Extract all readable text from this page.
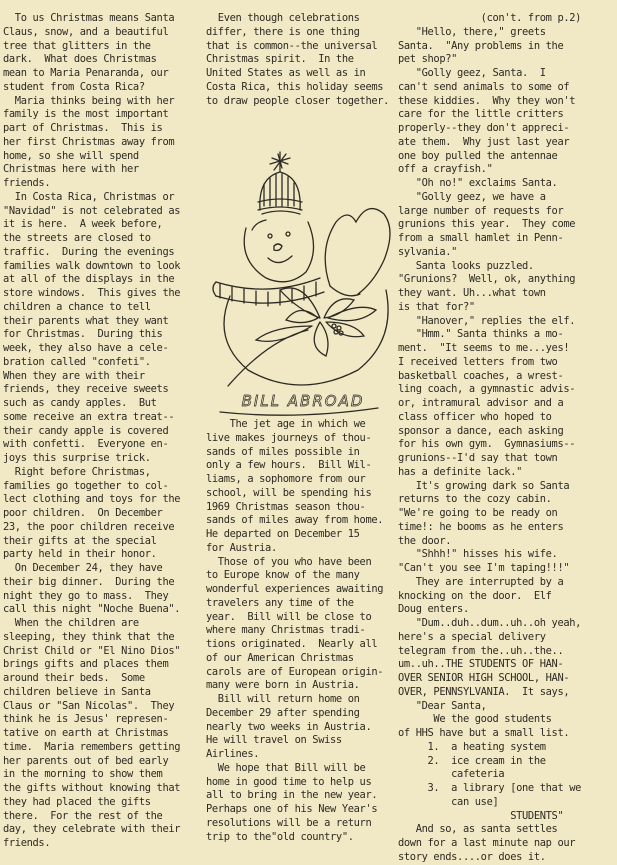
To us Christmas means Santa

Claus, snow, and a beautiful

tree that glitters in the

dark.  What does Christmas

mean to Maria Penaranda, our

student from Costa Rica?

Maria thinks being with her

family is the most important

part of Christmas.  This is

her first Christmas away from

home, so she will spend

Christmas here with her

friends.

In Costa Rica, Christmas or

"Navidad" is not celebrated as

it is here.  A week before,

the streets are closed to

traffic.  During the evenings

families walk downtown to look

at all of the displays in the

store windows.  This gives the

children a chance to tell

their parents what they want

for Christmas.  During this

week, they also have a cele-

bration called "confeti".

When they are with their

friends, they receive sweets

such as candy apples.  But

some receive an extra treat--

their candy apple is covered

with confetti.  Everyone en-

joys this surprise trick.

Right before Christmas,

families go together to col-

lect clothing and toys for the

poor children.  On December

23, the poor children receive

their gifts at the special

party held in their honor.

On December 24, they have

their big dinner.  During the

night they go to mass.  They

call this night "Noche Buena".

When the children are

sleeping, they think that the

Christ Child or "El Nino Dios"

brings gifts and places them

around their beds.  Some

children believe in Santa

Claus or "San Nicolas".  They

think he is Jesus' represen-

tative on earth at Christmas

time.  Maria remembers getting

her parents out of bed early

in the morning to show them

the gifts without knowing that

they had placed the gifts

there.  For the rest of the

day, they celebrate with their

friends.

Even though celebrations

differ, there is one thing

that is common--the universal

Christmas spirit.  In the

United States as well as in

Costa Rica, this holiday seems

to draw people closer together.

BILL ABROAD

The jet age in which we

live makes journeys of thou-

sands of miles possible in

only a few hours.  Bill Wil-

liams, a sophomore from our

school, will be spending his

1969 Christmas season thou-

sands of miles away from home.

He departed on December 15

for Austria.

Those of you who have been

to Europe know of the many

wonderful experiences awaiting

travelers any time of the

year.  Bill will be close to

where many Christmas tradi-

tions originated.  Nearly all

of our American Christmas

carols are of European origin-

many were born in Austria.

Bill will return home on

December 29 after spending

nearly two weeks in Austria.

He will travel on Swiss

Airlines.

We hope that Bill will be

home in good time to help us

all to bring in the new year.

Perhaps one of his New Year's

resolutions will be a return

trip to the"old country".

(con't. from p.2)

"Hello, there," greets

Santa.  "Any problems in the

pet shop?"

"Golly geez, Santa.  I

can't send animals to some of

these kiddies.  Why they won't

care for the little critters

properly--they don't appreci-

ate them.  Why just last year

one boy pulled the antennae

off a crayfish."

"Oh no!" exclaims Santa.

"Golly geez, we have a

large number of requests for

grunions this year.  They come

from a small hamlet in Penn-

sylvania."

Santa looks puzzled.

"Grunions?  Well, ok, anything

they want. Uh...what town

is that for?"

"Hanover," replies the elf.

"Hmm." Santa thinks a mo-

ment.  "It seems to me...yes!

I received letters from two

basketball coaches, a wrest-

ling coach, a gymnastic advis-

or, intramural advisor and a

class officer who hoped to

sponsor a dance, each asking

for his own gym.  Gymnasiums--

grunions--I'd say that town

has a definite lack."

It's growing dark so Santa

returns to the cozy cabin.

"We're going to be ready on

time!: he booms as he enters

the door.

"Shhh!" hisses his wife.

"Can't you see I'm taping!!!"

They are interrupted by a

knocking on the door.  Elf

Doug enters.

"Dum..duh..dum..uh..oh yeah,

here's a special delivery

telegram from the..uh..the..

um..uh..THE STUDENTS OF HAN-

OVER SENIOR HIGH SCHOOL, HAN-

OVER, PENNSYLVANIA.  It says,

"Dear Santa,

We the good students

of HHS have but a small list.

1.  a heating system

2.  ice cream in the

cafeteria

3.  a library [one that we

can use]

STUDENTS"

And so, as santa settles

down for a last minute nap our

story ends....or does it.
